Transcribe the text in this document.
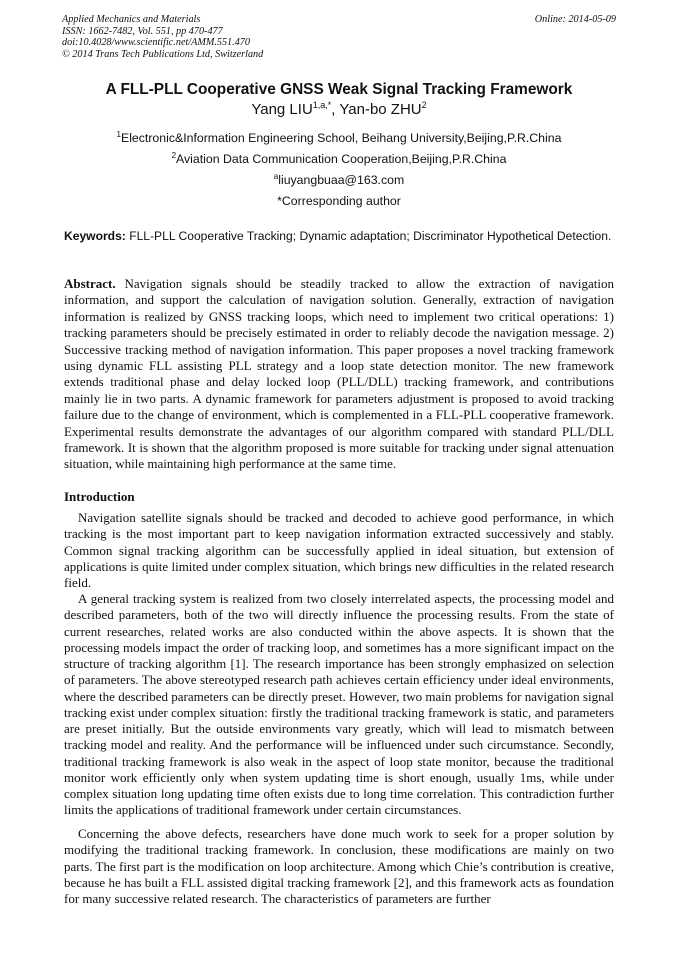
Applied Mechanics and Materials
ISSN: 1662-7482, Vol. 551, pp 470-477
doi:10.4028/www.scientific.net/AMM.551.470
© 2014 Trans Tech Publications Ltd, Switzerland
Online: 2014-05-09
A FLL-PLL Cooperative GNSS Weak Signal Tracking Framework
Yang $LIU^{1,a,*}$, Yan-bo ZHU$^2$
$^1$Electronic&Information Engineering School, Beihang University,Beijing,P.R.China
$^2$Aviation Data Communication Cooperation,Beijing,P.R.China
$^a$liuyangbuaa@163.com
*Corresponding author
Keywords: FLL-PLL Cooperative Tracking; Dynamic adaptation; Discriminator Hypothetical Detection.
Abstract. Navigation signals should be steadily tracked to allow the extraction of navigation information, and support the calculation of navigation solution. Generally, extraction of navigation information is realized by GNSS tracking loops, which need to implement two critical operations: 1) tracking parameters should be precisely estimated in order to reliably decode the navigation message. 2) Successive tracking method of navigation information. This paper proposes a novel tracking framework using dynamic FLL assisting PLL strategy and a loop state detection monitor. The new framework extends traditional phase and delay locked loop (PLL/DLL) tracking framework, and contributions mainly lie in two parts. A dynamic framework for parameters adjustment is proposed to avoid tracking failure due to the change of environment, which is complemented in a FLL-PLL cooperative framework. Experimental results demonstrate the advantages of our algorithm compared with standard PLL/DLL framework. It is shown that the algorithm proposed is more suitable for tracking under signal attenuation situation, while maintaining high performance at the same time.
Introduction

Navigation satellite signals should be tracked and decoded to achieve good performance, in which tracking is the most important part to keep navigation information extracted successively and stably. Common signal tracking algorithm can be successfully applied in ideal situation, but extension of applications is quite limited under complex situation, which brings new difficulties in the related research field.

A general tracking system is realized from two closely interrelated aspects, the processing model and described parameters, both of the two will directly influence the processing results. From the state of current researches, related works are also conducted within the above aspects. It is shown that the processing models impact the order of tracking loop, and sometimes has a more significant impact on the structure of tracking algorithm [1]. The research importance has been strongly emphasized on selection of parameters. The above stereotyped research path achieves certain efficiency under ideal environments, where the described parameters can be directly preset. However, two main problems for navigation signal tracking exist under complex situation: firstly the traditional tracking framework is static, and parameters are preset initially. But the outside environments vary greatly, which will lead to mismatch between tracking model and reality. And the performance will be influenced under such circumstance. Secondly, traditional tracking framework is also weak in the aspect of loop state monitor, because the traditional monitor work efficiently only when system updating time is short enough, usually 1ms, while under complex situation long updating time often exists due to long time correlation. This contradiction further limits the applications of traditional framework under certain circumstances.

Concerning the above defects, researchers have done much work to seek for a proper solution by modifying the traditional tracking framework. In conclusion, these modifications are mainly on two parts. The first part is the modification on loop architecture. Among which Chie’s contribution is creative, because he has built a FLL assisted digital tracking framework [2], and this framework acts as foundation for many successive related research. The characteristics of parameters are further
